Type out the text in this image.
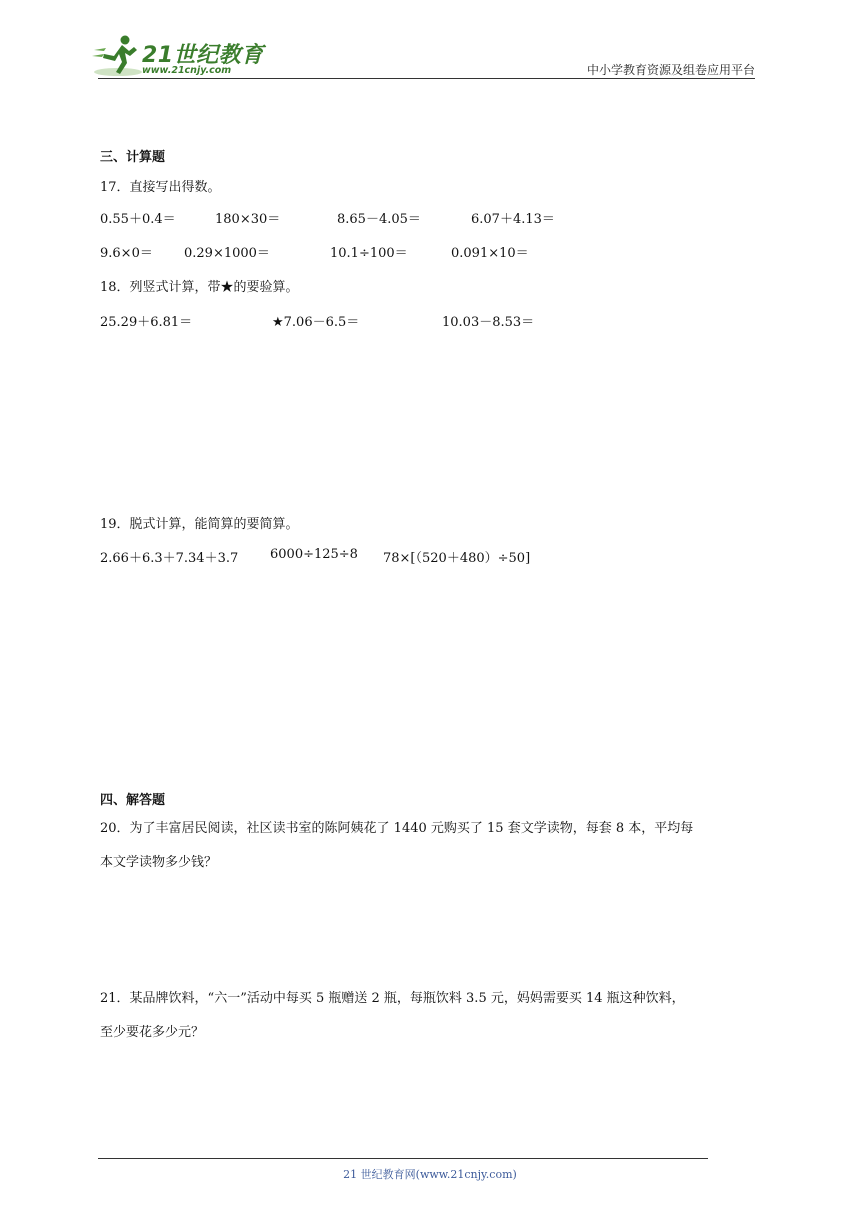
21世纪教育
www.21cnjy.com	中小学教育资源及组卷应用平台
三、计算题
17．直接写出得数。
0.55＋0.4＝	180×30＝	8.65－4.05＝	6.07＋4.13＝
9.6×0＝ 0.29×1000＝	10.1÷100＝	0.091×10＝
18．列竖式计算，带★的要验算。
25.29＋6.81＝	★7.06－6.5＝	10.03－8.53＝
19．脱式计算，能简算的要简算。
2.66＋6.3＋7.34＋3.7 6000÷125÷8 78×[（520＋480）÷50]
四、解答题
20．为了丰富居民阅读，社区读书室的陈阿姨花了 1440 元购买了 15 套文学读物，每套 8 本，平均每
本文学读物多少钱？
21．某品牌饮料，“六一”活动中每买 5 瓶赠送 2 瓶，每瓶饮料 3.5 元，妈妈需要买 14 瓶这种饮料，
至少要花多少元？
21 世纪教育网(www.21cnjy.com)
